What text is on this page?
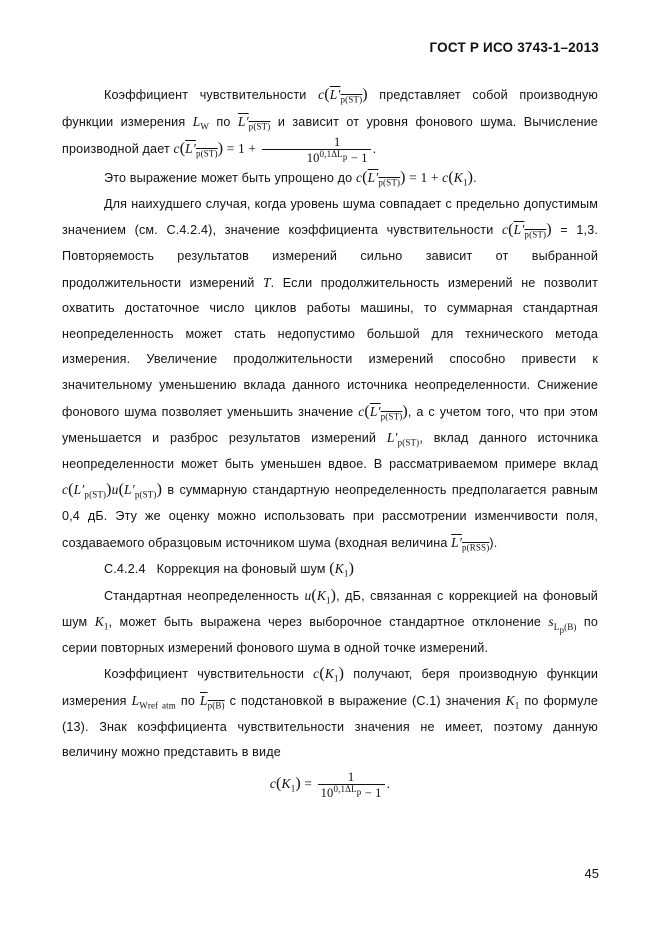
ГОСТ Р ИСО 3743-1–2013

Коэффициент чувствительности $c(L'_{p(ST)})$ представляет собой производную функции измерения $L_W$ по $L'_{p(ST)}$ и зависит от уровня фонового шума. Вычисление производной дает $c(L'_{p(ST)}) = 1 + \frac{1}{10^{0,1\Delta L_p} - 1}$ .

Это выражение может быть упрощено до $c(L'_{p(ST)}) = 1 + c(K_1)$.

Для наихудшего случая, когда уровень шума совпадает с предельно допустимым значением (см. С.4.2.4), значение коэффициента чувствительности $c(L'_{p(ST)}) = 1,3$. Повторяемость результатов измерений сильно зависит от выбранной продолжительности измерений T. Если продолжительность измерений не позволит охватить достаточное число циклов работы машины, то суммарная стандартная неопределенность может стать недопустимо большой для технического метода измерения. Увеличение продолжительности измерений способно привести к значительному уменьшению вклада данного источника неопределенности. Снижение фонового шума позволяет уменьшить значение $c(L'_{p(ST)})$, а с учетом того, что при этом уменьшается и разброс результатов измерений $L'_{p(ST)}$, вклад данного источника неопределенности может быть уменьшен вдвое. В рассматриваемом примере вклад $c(L'_{p(ST)})u(L'_{p(ST)})$ в суммарную стандартную неопределенность предполагается равным 0,4 дБ. Эту же оценку можно использовать при рассмотрении изменчивости поля, создаваемого образцовым источником шума (входная величина $L'_{p(RSS)}$).

С.4.2.4 Коррекция на фоновый шум $(K_1)$

Стандартная неопределенность $u(K_1)$, дБ, связанная с коррекцией на фоновый шум $K_1$, может быть выражена через выборочное стандартное отклонение $s_{L_p(B)}$ по серии повторных измерений фонового шума в одной точке измерений.

Коэффициент чувствительности $c(K_1)$ получают, беря производную функции измерения $L_{Wref atm}$ по $L_{p(B)}$ с подстановкой в выражение (С.1) значения $K_1$ по формуле (13). Знак коэффициента чувствительности значения не имеет, поэтому данную величину можно представить в виде

$c(K_1) = \frac{1}{10^{0,1\Delta L_p} - 1}$ .

45
